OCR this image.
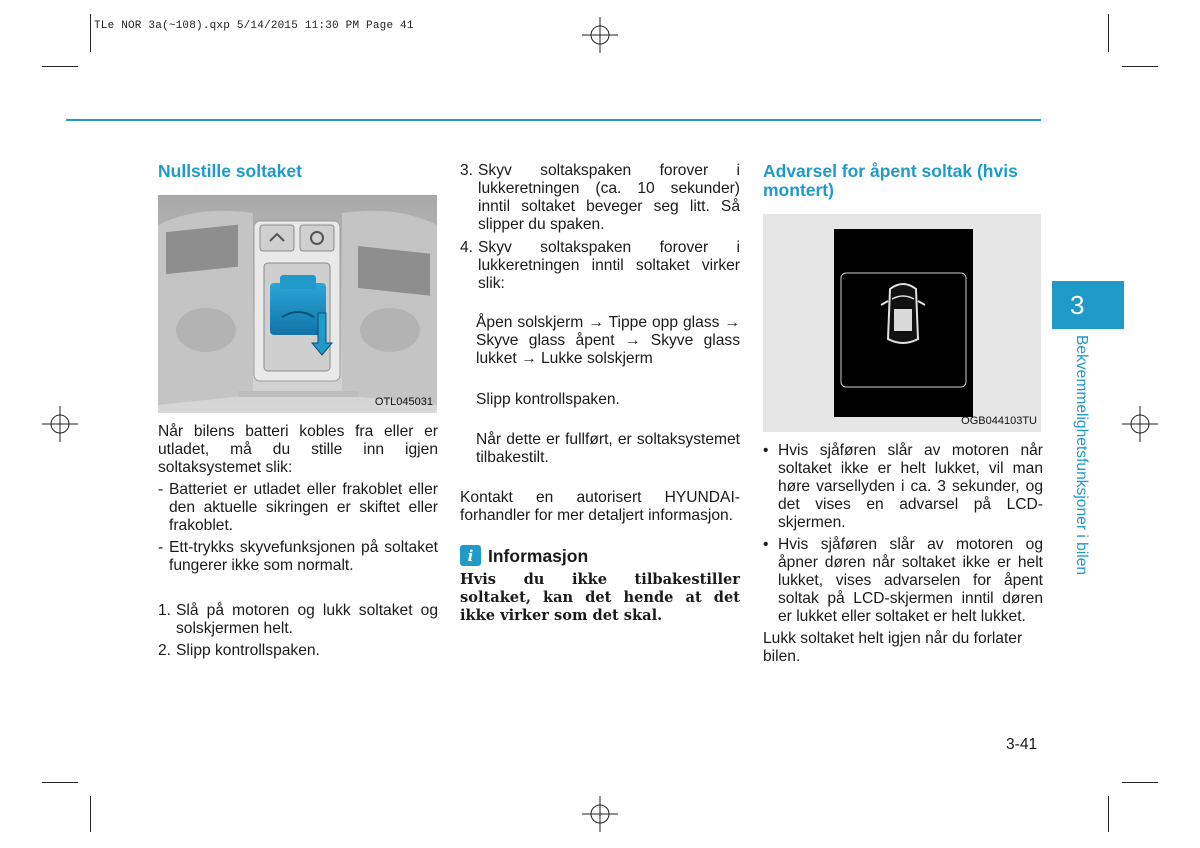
TLe NOR 3a(~108).qxp 5/14/2015 11:30 PM Page 41
Nullstille soltaket
OTL045031

Når bilens batteri kobles fra eller er utladet, må du stille inn igjen soltaksystemet slik:

- Batteriet er utladet eller frakoblet eller den aktuelle sikringen er skiftet eller frakoblet.
- Ett-trykks skyvefunksjonen på soltaket fungerer ikke som normalt.
1. Slå på motoren og lukk soltaket og solskjermen helt.
2. Slipp kontrollspaken.
3. Skyv soltakspaken forover i lukkeretningen (ca. 10 sekunder) inntil soltaket beveger seg litt. Så slipper du spaken.
4. Skyv soltakspaken forover i lukkeretningen inntil soltaket virker slik:

Åpen solskjerm → Tippe opp glass → Skyve glass åpent → Skyve glass lukket → Lukke solskjerm

Slipp kontrollspaken.

Når dette er fullført, er soltaksystemet tilbakestilt.

Kontakt en autorisert HYUNDAI-forhandler for mer detaljert informasjon.

i Informasjon

Hvis du ikke tilbakestiller soltaket, kan det hende at det ikke virker som det skal.

Advarsel for åpent soltak (hvis montert)
OGB044103TU
• Hvis sjåføren slår av motoren når soltaket ikke er helt lukket, vil man høre varsellyden i ca. 3 sekunder, og det vises en advarsel på LCD-skjermen.
• Hvis sjåføren slår av motoren og åpner døren når soltaket ikke er helt lukket, vises advarselen for åpent soltak på LCD-skjermen inntil døren er lukket eller soltaket er helt lukket.

Lukk soltaket helt igjen når du forlater bilen.

3
Bekvemmelighetsfunksjoner i bilen
3-41
